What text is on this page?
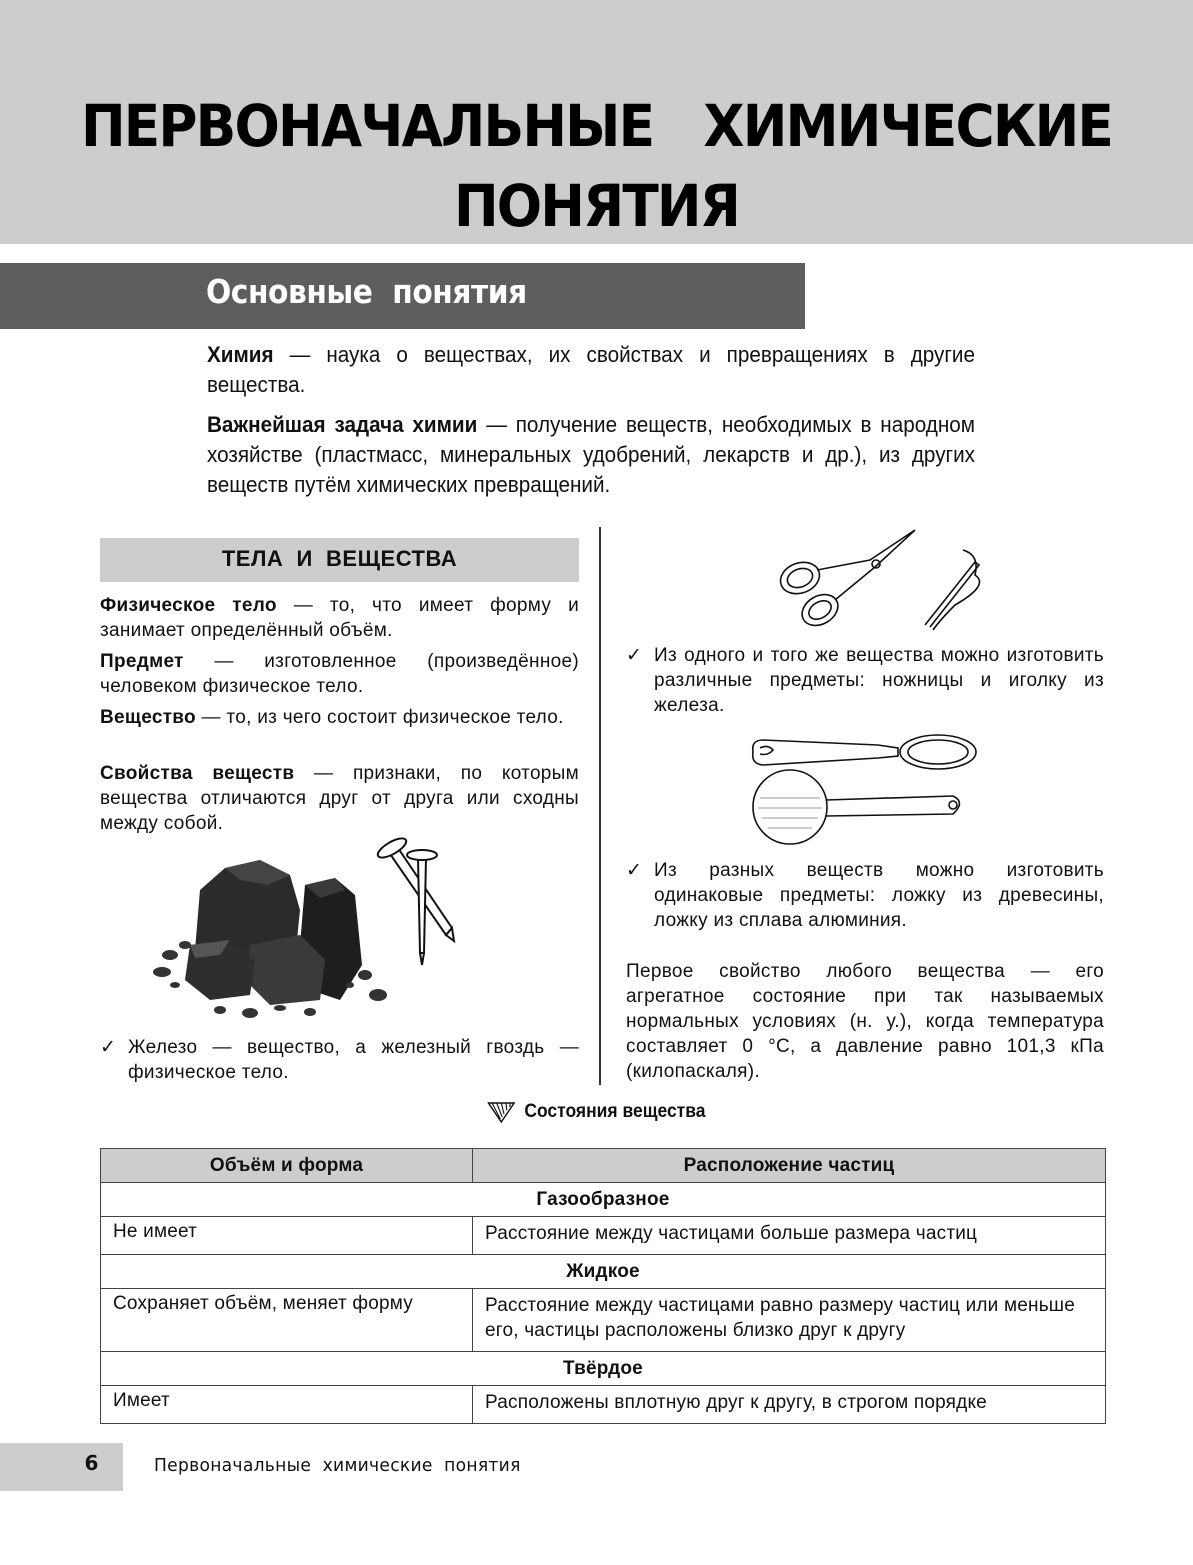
ПЕРВОНАЧАЛЬНЫЕ   ХИМИЧЕСКИЕ
ПОНЯТИЯ
Основные  понятия
Химия — наука о веществах, их свойствах и превращениях в другие вещества.
Важнейшая задача химии — получение веществ, необходимых в народном хозяйстве (пластмасс, минеральных удобрений, лекарств и др.), из других веществ путём химических превращений.
ТЕЛА  И  ВЕЩЕСТВА
Физическое тело — то, что имеет форму и занимает определённый объём.
Предмет — изготовленное (произведённое) человеком физическое тело.
Вещество — то, из чего состоит физическое тело.
Свойства веществ — признаки, по которым вещества отличаются друг от друга или сходны между собой.
✓ Железо — вещество, а железный гвоздь — физическое тело.
✓ Из одного и того же вещества можно изготовить различные предметы: ножницы и иголку из железа.
✓ Из разных веществ можно изготовить одинаковые предметы: ложку из древесины, ложку из сплава алюминия.
Первое свойство любого вещества — его агрегатное состояние при так называемых нормальных условиях (н. у.), когда температура составляет 0 °C, а давление равно 101,3 кПа (килопаскаля).
Состояния вещества
Объём и форма	Расположение частиц
Газообразное	
Не имеет	Расстояние между частицами больше размера частиц
Жидкое	
Сохраняет объём, меняет форму	Расстояние между частицами равно размеру частиц или меньше его, частицы расположены близко друг к другу
Твёрдое	
Имеет	Расположены вплотную друг к другу, в строгом порядке
6	Первоначальные  химические  понятия
